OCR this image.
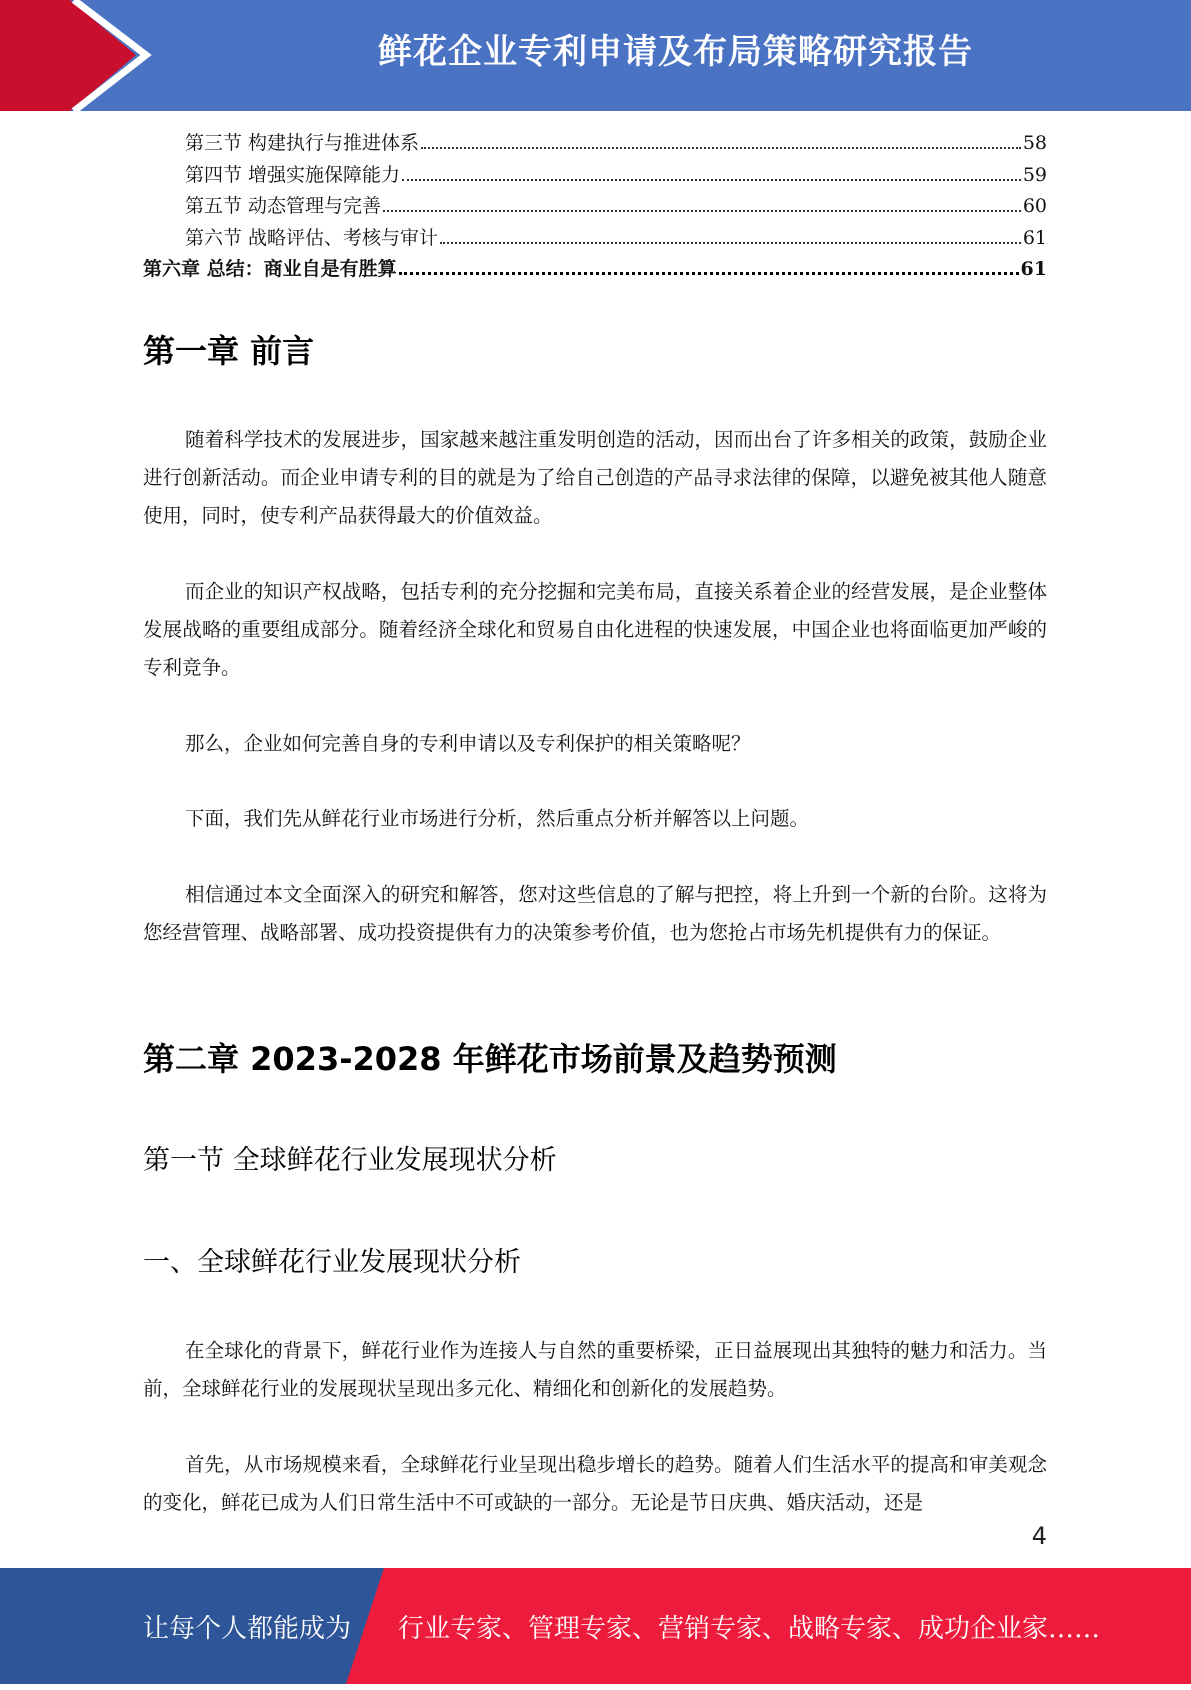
鲜花企业专利申请及布局策略研究报告
第三节 构建执行与推进体系	58
第四节 增强实施保障能力	59
第五节 动态管理与完善	60
第六节 战略评估、考核与审计	61
第六章 总结：商业自是有胜算	61
第一章 前言
随着科学技术的发展进步，国家越来越注重发明创造的活动，因而出台了许多相关的政策，鼓励企业进行创新活动。而企业申请专利的目的就是为了给自己创造的产品寻求法律的保障，以避免被其他人随意使用，同时，使专利产品获得最大的价值效益。
而企业的知识产权战略，包括专利的充分挖掘和完美布局，直接关系着企业的经营发展，是企业整体发展战略的重要组成部分。随着经济全球化和贸易自由化进程的快速发展，中国企业也将面临更加严峻的专利竞争。
那么，企业如何完善自身的专利申请以及专利保护的相关策略呢？
下面，我们先从鲜花行业市场进行分析，然后重点分析并解答以上问题。
相信通过本文全面深入的研究和解答，您对这些信息的了解与把控，将上升到一个新的台阶。这将为您经营管理、战略部署、成功投资提供有力的决策参考价值，也为您抢占市场先机提供有力的保证。
第二章 2023-2028 年鲜花市场前景及趋势预测
第一节 全球鲜花行业发展现状分析
一、全球鲜花行业发展现状分析
在全球化的背景下，鲜花行业作为连接人与自然的重要桥梁，正日益展现出其独特的魅力和活力。当前，全球鲜花行业的发展现状呈现出多元化、精细化和创新化的发展趋势。
首先，从市场规模来看，全球鲜花行业呈现出稳步增长的趋势。随着人们生活水平的提高和审美观念的变化，鲜花已成为人们日常生活中不可或缺的一部分。无论是节日庆典、婚庆活动，还是
4
让每个人都能成为 行业专家、管理专家、营销专家、战略专家、成功企业家……
